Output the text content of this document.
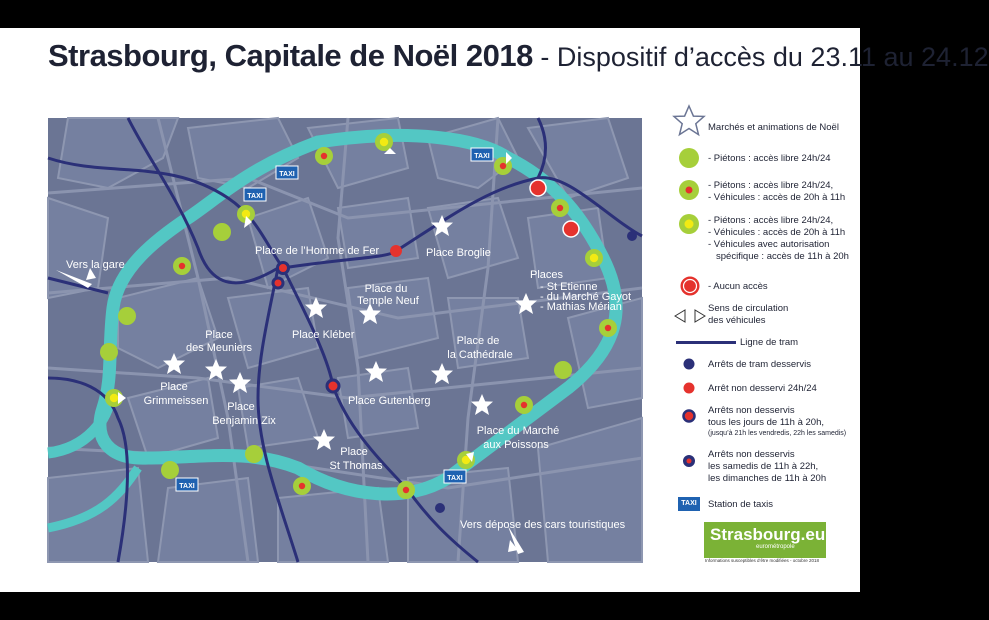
Strasbourg, Capitale de Noël 2018 - Dispositif d’accès du 23.11 au 24.12
TAXI
TAXI
TAXI
TAXI
TAXI
Vers la gare
Place de l’Homme de Fer	Place Broglie
Places
- St Etienne
- du Marché Gayot
- Mathias Mérian
Place du
Temple Neuf
Place Kléber
Place
des Meuniers
Place de
la Cathédrale
Place
Grimmeissen Place
Benjamin Zix
Place Gutenberg
Place du Marché
aux Poissons
Place
St Thomas
Vers dépose des cars touristiques
Marchés et animations de Noël
- Piétons : accès libre 24h/24
- Piétons : accès libre 24h/24,
- Véhicules : accès de 20h à 11h
- Piétons : accès libre 24h/24,
- Véhicules : accès de 20h à 11h
- Véhicules avec autorisation
spécifique : accès de 11h à 20h
- Aucun accès
Sens de circulation
des véhicules
Ligne de tram
Arrêts de tram desservis
Arrêt non desservi 24h/24
Arrêts non desservis
tous les jours de 11h à 20h,
(jusqu’à 21h les vendredis, 22h les samedis)
Arrêts non desservis
les samedis de 11h à 22h,
les dimanches de 11h à 20h
TAXI	Station de taxis
Strasbourg.eu
eurométropole
Informations susceptibles d’être modifiées - octobre 2018
